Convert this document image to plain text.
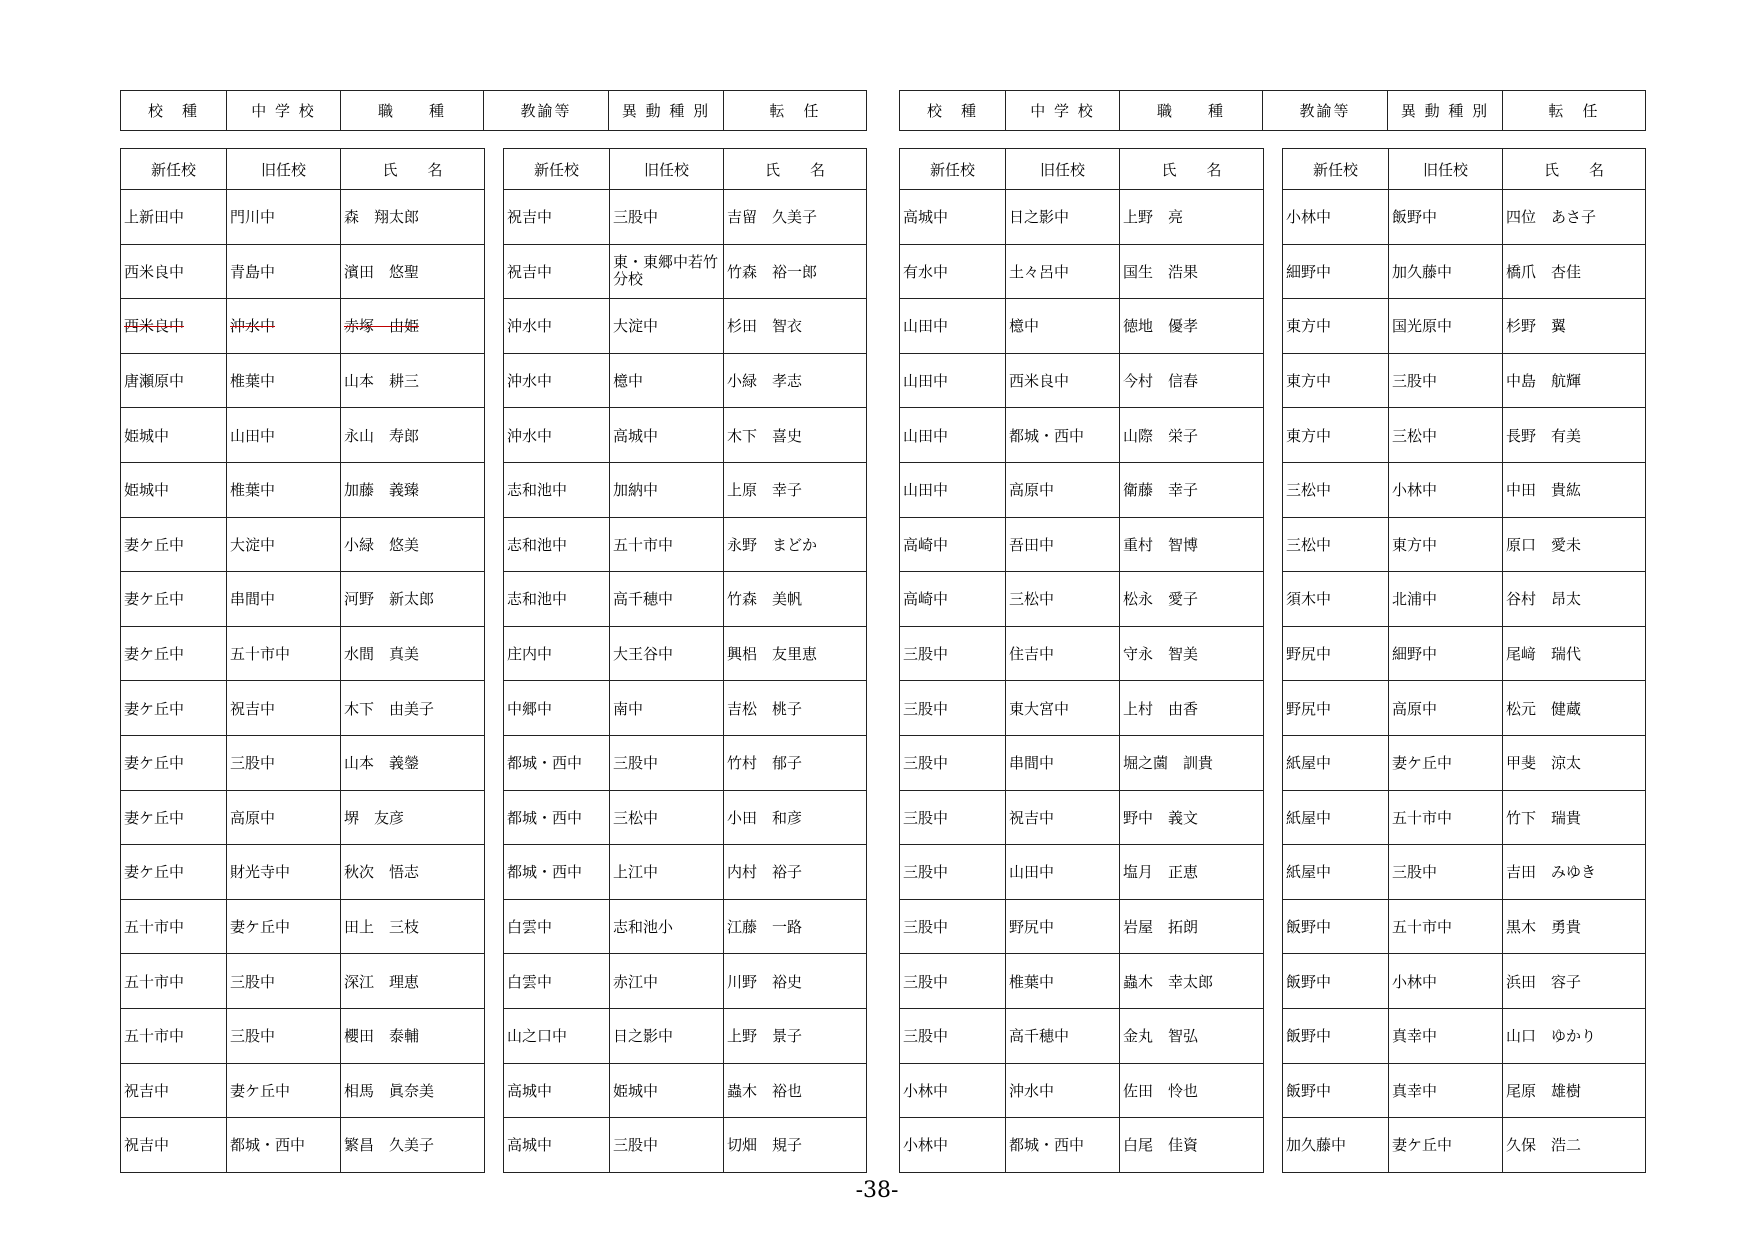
校　種	中 学 校	職　　種	教諭等	異 動 種 別	転　任	校　種	中 学 校	職　　種	教諭等	異 動 種 別	転　任
新任校	旧任校	氏　　名
上新田中	門川中	森　翔太郎
西米良中	青島中	濱田　悠聖
西米良中	沖水中	赤塚　由姫
唐瀬原中	椎葉中	山本　耕三
姫城中	山田中	永山　寿郎
姫城中	椎葉中	加藤　義臻
妻ケ丘中	大淀中	小緑　悠美
妻ケ丘中	串間中	河野　新太郎
妻ケ丘中	五十市中	水間　真美
妻ケ丘中	祝吉中	木下　由美子
妻ケ丘中	三股中	山本　義鎣
妻ケ丘中	高原中	堺　友彦
妻ケ丘中	財光寺中	秋次　悟志
五十市中	妻ケ丘中	田上　三枝
五十市中	三股中	深江　理恵
五十市中	三股中	櫻田　泰輔
祝吉中	妻ケ丘中	相馬　眞奈美
祝吉中	都城・西中	繁昌　久美子
新任校	旧任校	氏　　名
祝吉中	三股中	吉留　久美子
祝吉中	東・東郷中若竹分校	竹森　裕一郎
沖水中	大淀中	杉田　智衣
沖水中	檍中	小緑　孝志
沖水中	高城中	木下　喜史
志和池中	加納中	上原　幸子
志和池中	五十市中	永野　まどか
志和池中	高千穂中	竹森　美帆
庄内中	大王谷中	興梠　友里恵
中郷中	南中	吉松　桃子
都城・西中	三股中	竹村　郁子
都城・西中	三松中	小田　和彦
都城・西中	上江中	内村　裕子
白雲中	志和池小	江藤　一路
白雲中	赤江中	川野　裕史
山之口中	日之影中	上野　景子
高城中	姫城中	蟲木　裕也
高城中	三股中	切畑　規子
新任校	旧任校	氏　　名
高城中	日之影中	上野　亮
有水中	土々呂中	国生　浩果
山田中	檍中	徳地　優孝
山田中	西米良中	今村　信春
山田中	都城・西中	山際　栄子
山田中	高原中	衛藤　幸子
高崎中	吾田中	重村　智博
高崎中	三松中	松永　愛子
三股中	住吉中	守永　智美
三股中	東大宮中	上村　由香
三股中	串間中	堀之薗　訓貴
三股中	祝吉中	野中　義文
三股中	山田中	塩月　正恵
三股中	野尻中	岩屋　拓朗
三股中	椎葉中	蟲木　幸太郎
三股中	高千穂中	金丸　智弘
小林中	沖水中	佐田　怜也
小林中	都城・西中	白尾　佳資
新任校	旧任校	氏　　名
小林中	飯野中	四位　あさ子
細野中	加久藤中	橋爪　杏佳
東方中	国光原中	杉野　翼
東方中	三股中	中島　航輝
東方中	三松中	長野　有美
三松中	小林中	中田　貴紘
三松中	東方中	原口　愛未
須木中	北浦中	谷村　昂太
野尻中	細野中	尾﨑　瑞代
野尻中	高原中	松元　健蔵
紙屋中	妻ケ丘中	甲斐　涼太
紙屋中	五十市中	竹下　瑞貴
紙屋中	三股中	吉田　みゆき
飯野中	五十市中	黒木　勇貴
飯野中	小林中	浜田　容子
飯野中	真幸中	山口　ゆかり
飯野中	真幸中	尾原　雄樹
加久藤中	妻ケ丘中	久保　浩二
-38-
